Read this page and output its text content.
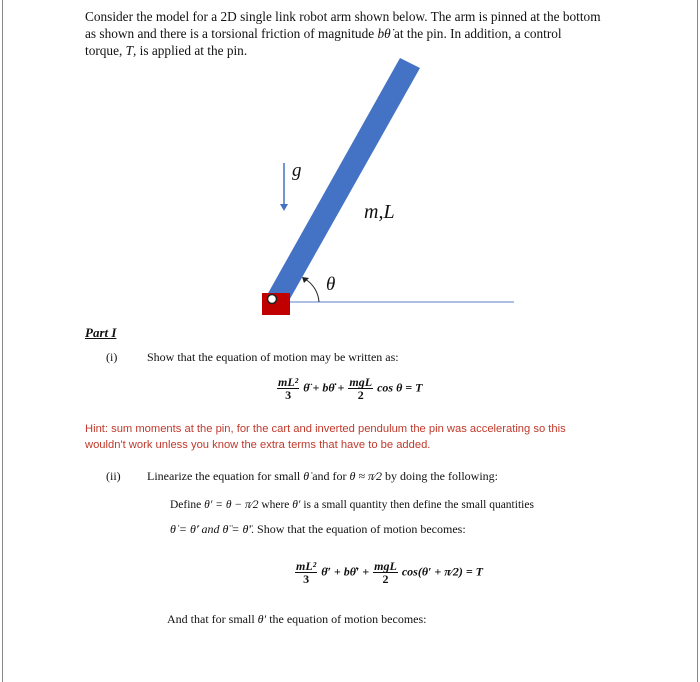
Consider the model for a 2D single link robot arm shown below. The arm is pinned at the bottom
as shown and there is a torsional friction of magnitude bθ̇ at the pin. In addition, a control
torque, T, is applied at the pin.
g
m,L
θ
Part I
(i) Show that the equation of motion may be written as:
$\frac{\text{mL²}}{3}$ θ̈ + bθ̇ + $\frac{\text{mgL}}{2}$ cos θ = T
Hint: sum moments at the pin, for the cart and inverted pendulum the pin was accelerating so this
wouldn't work unless you know the extra terms that have to be added.
(ii) Linearize the equation for small θ̇ and for θ ≈ π⁄2 by doing the following:
Define θ′ = θ − π⁄2 where θ′ is a small quantity then define the small quantities
θ̇ = θ̇′ and θ̈ = θ̈′. Show that the equation of motion becomes:
$\frac{\text{mL²}}{3}$ θ̈′ + bθ̇′ + $\frac{\text{mgL}}{2} \cos(\theta'$ + π⁄2) = T
And that for small θ′ the equation of motion becomes:
